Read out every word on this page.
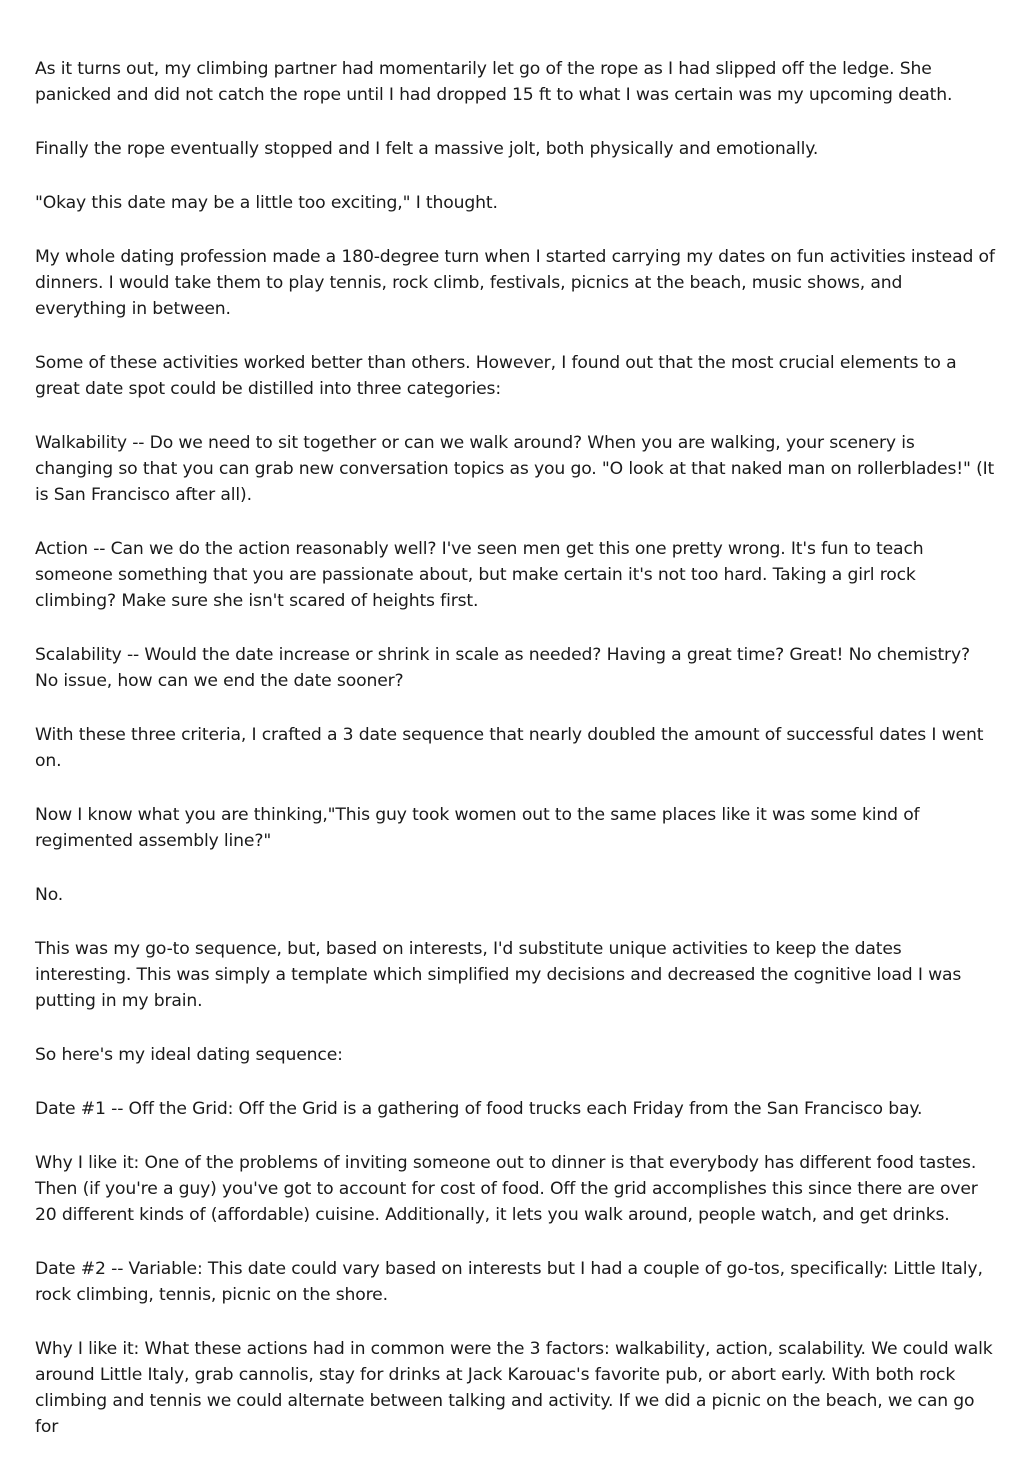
As it turns out, my climbing partner had momentarily let go of the rope as I had slipped off the ledge. She panicked and did not catch the rope until I had dropped 15 ft to what I was certain was my upcoming death.

Finally the rope eventually stopped and I felt a massive jolt, both physically and emotionally.

"Okay this date may be a little too exciting," I thought.

My whole dating profession made a 180-degree turn when I started carrying my dates on fun activities instead of dinners. I would take them to play tennis, rock climb, festivals, picnics at the beach, music shows, and everything in between.

Some of these activities worked better than others. However, I found out that the most crucial elements to a great date spot could be distilled into three categories:

Walkability -- Do we need to sit together or can we walk around? When you are walking, your scenery is changing so that you can grab new conversation topics as you go. "O look at that naked man on rollerblades!" (It is San Francisco after all).

Action -- Can we do the action reasonably well? I've seen men get this one pretty wrong. It's fun to teach someone something that you are passionate about, but make certain it's not too hard. Taking a girl rock climbing? Make sure she isn't scared of heights first.

Scalability -- Would the date increase or shrink in scale as needed? Having a great time? Great! No chemistry? No issue, how can we end the date sooner?

With these three criteria, I crafted a 3 date sequence that nearly doubled the amount of successful dates I went on.

Now I know what you are thinking,"This guy took women out to the same places like it was some kind of regimented assembly line?"

No.

This was my go-to sequence, but, based on interests, I'd substitute unique activities to keep the dates interesting. This was simply a template which simplified my decisions and decreased the cognitive load I was putting in my brain.

So here's my ideal dating sequence:

Date #1 -- Off the Grid: Off the Grid is a gathering of food trucks each Friday from the San Francisco bay.

Why I like it: One of the problems of inviting someone out to dinner is that everybody has different food tastes. Then (if you're a guy) you've got to account for cost of food. Off the grid accomplishes this since there are over 20 different kinds of (affordable) cuisine. Additionally, it lets you walk around, people watch, and get drinks.

Date #2 -- Variable: This date could vary based on interests but I had a couple of go-tos, specifically: Little Italy, rock climbing, tennis, picnic on the shore.

Why I like it: What these actions had in common were the 3 factors: walkability, action, scalability. We could walk around Little Italy, grab cannolis, stay for drinks at Jack Karouac's favorite pub, or abort early. With both rock climbing and tennis we could alternate between talking and activity. If we did a picnic on the beach, we can go for
